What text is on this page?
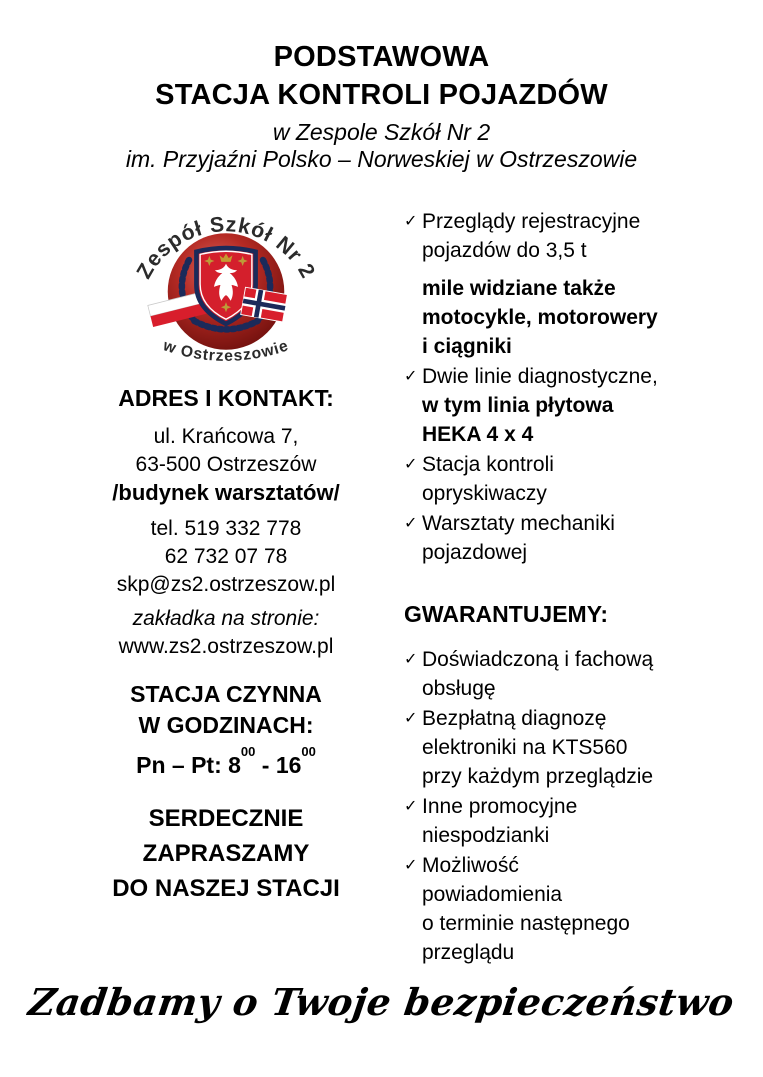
PODSTAWOWA
STACJA KONTROLI POJAZDÓW
w Zespole Szkół Nr 2
im. Przyjaźni Polsko – Norweskiej w Ostrzeszowie
Zespół Szkół Nr 2
w Ostrzeszowie
ADRES I KONTAKT:
ul. Krańcowa 7,
63-500 Ostrzeszów
/budynek warsztatów/
tel. 519 332 778
62 732 07 78
skp@zs2.ostrzeszow.pl
zakładka na stronie:
www.zs2.ostrzeszow.pl
STACJA CZYNNA
W GODZINACH:
Pn – Pt: $8^{00} - 16^{00}$
SERDECZNIE
ZAPRASZAMY
DO NASZEJ STACJI
✓ Przeglądy rejestracyjne
pojazdów do 3,5 t
mile widziane także
motocykle, motorowery
i ciągniki
✓ Dwie linie diagnostyczne,
w tym linia płytowa
HEKA 4 x 4
✓ Stacja kontroli
opryskiwaczy
✓ Warsztaty mechaniki
pojazdowej
GWARANTUJEMY:
✓ Doświadczoną i fachową
obsługę
✓ Bezpłatną diagnozę
elektroniki na KTS560
przy każdym przeglądzie
✓ Inne promocyjne
niespodzianki
✓ Możliwość
powiadomienia
o terminie następnego
przeglądu
Zadbamy o Twoje bezpieczeństwo
